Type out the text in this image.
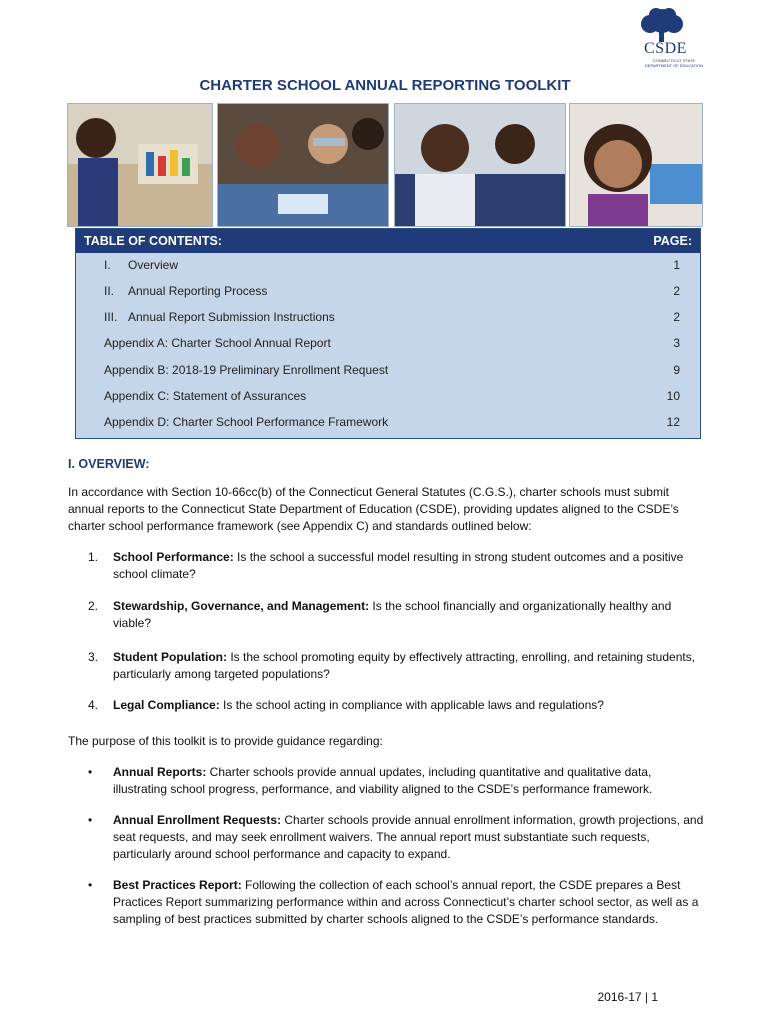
CSDE
CONNECTICUT STATE DEPARTMENT OF EDUCATION
CHARTER SCHOOL ANNUAL REPORTING TOOLKIT
TABLE OF CONTENTS:	PAGE:
I. Overview	1
II. Annual Reporting Process	2
III. Annual Report Submission Instructions	2
Appendix A: Charter School Annual Report	3
Appendix B: 2018-19 Preliminary Enrollment Request	9
Appendix C: Statement of Assurances	10
Appendix D: Charter School Performance Framework	12
I. OVERVIEW:
In accordance with Section 10-66cc(b) of the Connecticut General Statutes (C.G.S.), charter schools must submit annual reports to the Connecticut State Department of Education (CSDE), providing updates aligned to the CSDE’s charter school performance framework (see Appendix C) and standards outlined below:
1. School Performance: Is the school a successful model resulting in strong student outcomes and a positive school climate?
2. Stewardship, Governance, and Management: Is the school financially and organizationally healthy and viable?
3. Student Population: Is the school promoting equity by effectively attracting, enrolling, and retaining students, particularly among targeted populations?
4. Legal Compliance: Is the school acting in compliance with applicable laws and regulations?
The purpose of this toolkit is to provide guidance regarding:
• Annual Reports: Charter schools provide annual updates, including quantitative and qualitative data, illustrating school progress, performance, and viability aligned to the CSDE’s performance framework.
• Annual Enrollment Requests: Charter schools provide annual enrollment information, growth projections, and seat requests, and may seek enrollment waivers. The annual report must substantiate such requests, particularly around school performance and capacity to expand.
• Best Practices Report: Following the collection of each school’s annual report, the CSDE prepares a Best Practices Report summarizing performance within and across Connecticut’s charter school sector, as well as a sampling of best practices submitted by charter schools aligned to the CSDE’s performance standards.
2016-17 | 1
